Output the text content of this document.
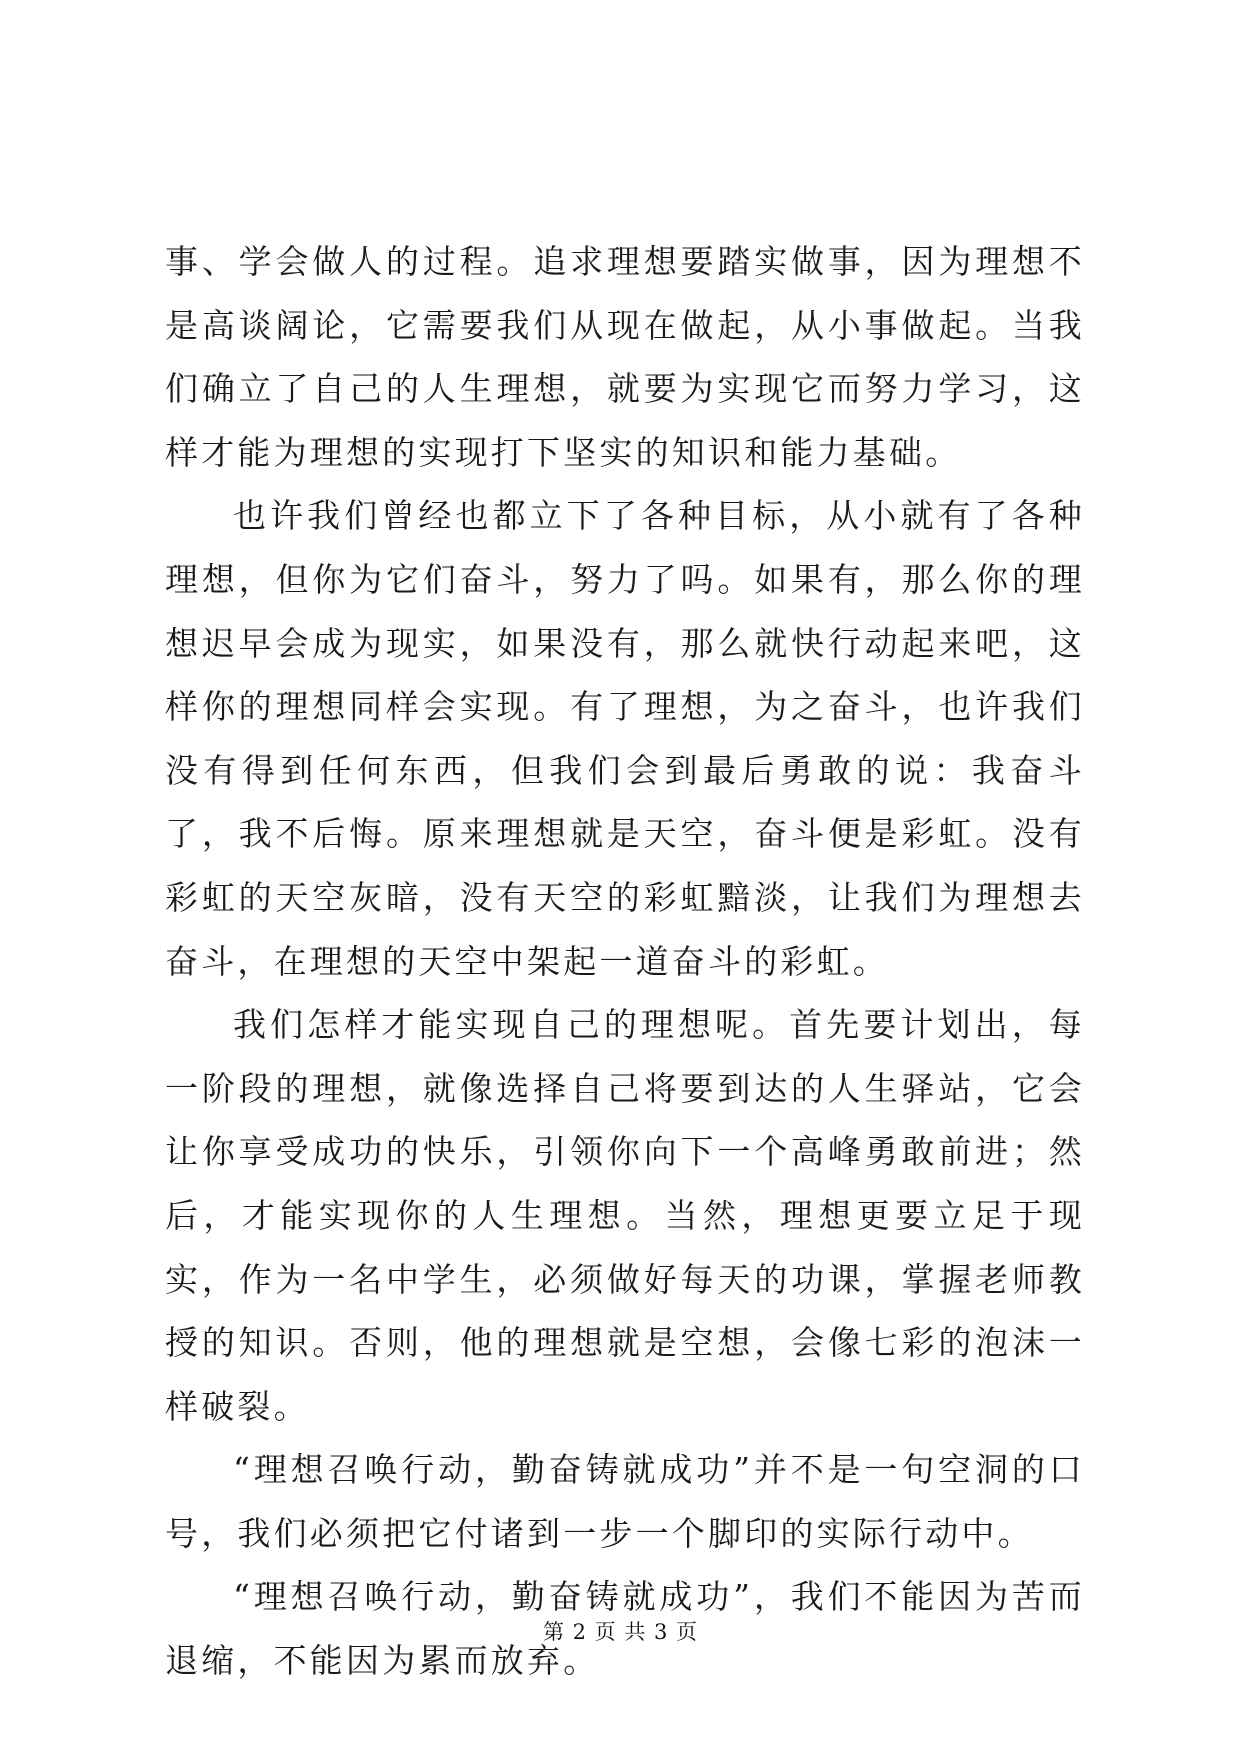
事、学会做人的过程。追求理想要踏实做事，因为理想不是高谈阔论，它需要我们从现在做起，从小事做起。当我们确立了自己的人生理想，就要为实现它而努力学习，这样才能为理想的实现打下坚实的知识和能力基础。

也许我们曾经也都立下了各种目标，从小就有了各种理想，但你为它们奋斗，努力了吗。如果有，那么你的理想迟早会成为现实，如果没有，那么就快行动起来吧，这样你的理想同样会实现。有了理想，为之奋斗，也许我们没有得到任何东西，但我们会到最后勇敢的说：我奋斗了，我不后悔。原来理想就是天空，奋斗便是彩虹。没有彩虹的天空灰暗，没有天空的彩虹黯淡，让我们为理想去奋斗，在理想的天空中架起一道奋斗的彩虹。

我们怎样才能实现自己的理想呢。首先要计划出，每一阶段的理想，就像选择自己将要到达的人生驿站，它会让你享受成功的快乐，引领你向下一个高峰勇敢前进；然后，才能实现你的人生理想。当然，理想更要立足于现实，作为一名中学生，必须做好每天的功课，掌握老师教授的知识。否则，他的理想就是空想，会像七彩的泡沫一样破裂。

“理想召唤行动，勤奋铸就成功”并不是一句空洞的口号，我们必须把它付诸到一步一个脚印的实际行动中。

“理想召唤行动，勤奋铸就成功”，我们不能因为苦而退缩，不能因为累而放弃。

第 2 页 共 3 页
